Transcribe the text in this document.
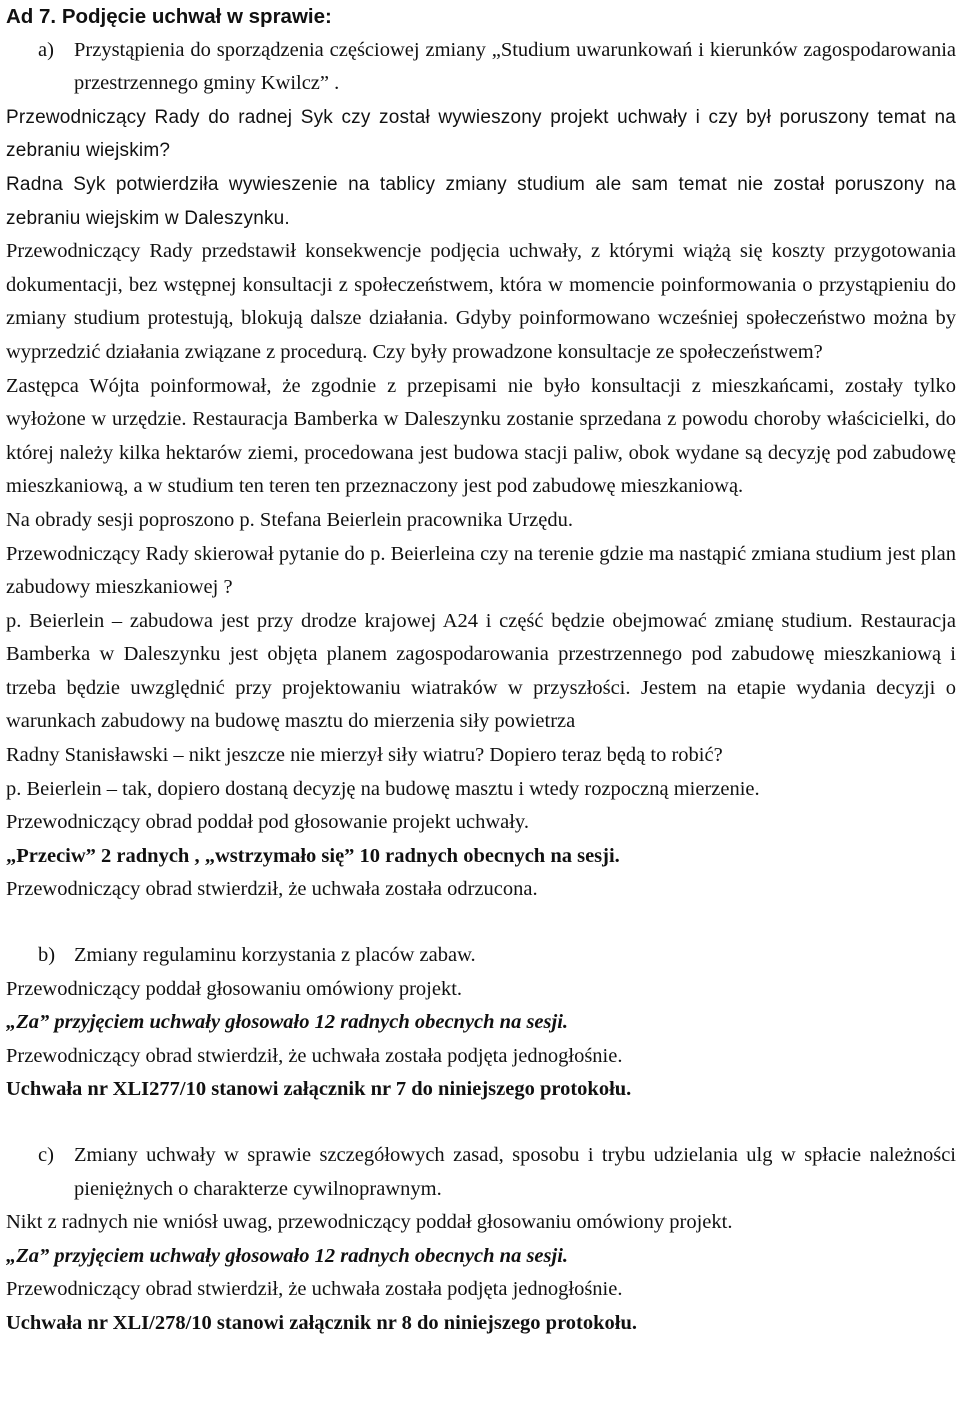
Ad 7. Podjęcie uchwał w sprawie:

a) Przystąpienia do sporządzenia częściowej zmiany „Studium uwarunkowań i kierunków zagospodarowania przestrzennego gminy Kwilcz” .

Przewodniczący Rady do radnej Syk czy został wywieszony projekt uchwały i czy był poruszony temat na zebraniu wiejskim?

Radna Syk potwierdziła wywieszenie na tablicy zmiany studium ale sam temat nie został poruszony na zebraniu wiejskim w Daleszynku.

Przewodniczący Rady przedstawił konsekwencje podjęcia uchwały, z którymi wiążą się koszty przygotowania dokumentacji, bez wstępnej konsultacji z społeczeństwem, która w momencie poinformowania o przystąpieniu do zmiany studium protestują, blokują dalsze działania. Gdyby poinformowano wcześniej społeczeństwo można by wyprzedzić działania związane z procedurą. Czy były prowadzone konsultacje ze społeczeństwem?

Zastępca Wójta poinformował, że zgodnie z przepisami nie było konsultacji z mieszkańcami, zostały tylko wyłożone w urzędzie. Restauracja Bamberka w Daleszynku zostanie sprzedana z powodu choroby właścicielki, do której należy kilka hektarów ziemi, procedowana jest budowa stacji paliw, obok wydane są decyzję pod zabudowę mieszkaniową, a w studium ten teren ten przeznaczony jest pod zabudowę mieszkaniową.

Na obrady sesji poproszono p. Stefana Beierlein pracownika Urzędu.

Przewodniczący Rady skierował pytanie do p. Beierleina czy na terenie gdzie ma nastąpić zmiana studium jest plan zabudowy mieszkaniowej ?

p. Beierlein – zabudowa jest przy drodze krajowej A24 i część będzie obejmować zmianę studium. Restauracja Bamberka w Daleszynku jest objęta planem zagospodarowania przestrzennego pod zabudowę mieszkaniową i trzeba będzie uwzględnić przy projektowaniu wiatraków w przyszłości. Jestem na etapie wydania decyzji o warunkach zabudowy na budowę masztu do mierzenia siły powietrza

Radny Stanisławski – nikt jeszcze nie mierzył siły wiatru? Dopiero teraz będą to robić?

p. Beierlein – tak, dopiero dostaną decyzję na budowę masztu i wtedy rozpoczną mierzenie.

Przewodniczący obrad poddał pod głosowanie projekt uchwały.

„Przeciw” 2 radnych , „wstrzymało się” 10 radnych obecnych na sesji.

Przewodniczący obrad stwierdził, że uchwała została odrzucona.

b) Zmiany regulaminu korzystania z placów zabaw.

Przewodniczący poddał głosowaniu omówiony projekt.

„Za” przyjęciem uchwały głosowało 12 radnych obecnych na sesji.

Przewodniczący obrad stwierdził, że uchwała została podjęta jednogłośnie.

Uchwała nr XLI277/10 stanowi załącznik nr 7 do niniejszego protokołu.

c) Zmiany uchwały w sprawie szczegółowych zasad, sposobu i trybu udzielania ulg w spłacie należności pieniężnych o charakterze cywilnoprawnym.

Nikt z radnych nie wniósł uwag, przewodniczący poddał głosowaniu omówiony projekt.

„Za” przyjęciem uchwały głosowało 12 radnych obecnych na sesji.

Przewodniczący obrad stwierdził, że uchwała została podjęta jednogłośnie.

Uchwała nr XLI/278/10 stanowi załącznik nr 8 do niniejszego protokołu.
